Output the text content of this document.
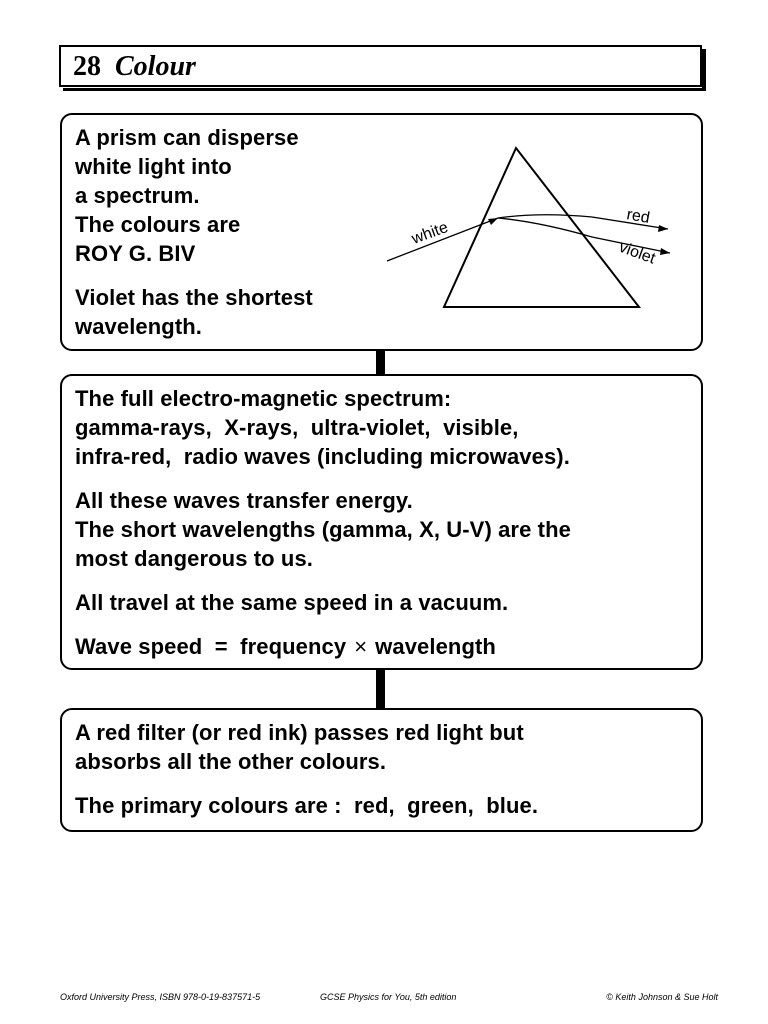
28 Colour

A prism can disperse
white light into
a spectrum.
The colours are
ROY G. BIV

Violet has the shortest
wavelength.

white
red
violet

The full electro-magnetic spectrum:
gamma-rays,  X-rays,  ultra-violet,  visible,
infra-red,  radio waves (including microwaves).

All these waves transfer energy.
The short wavelengths (gamma, X, U-V) are the
most dangerous to us.

All travel at the same speed in a vacuum.

Wave speed  =  frequency × wavelength

A red filter (or red ink) passes red light but
absorbs all the other colours.

The primary colours are :  red,  green,  blue.

Oxford University Press, ISBN 978-0-19-837571-5	GCSE Physics for You, 5th edition	© Keith Johnson & Sue Holt
